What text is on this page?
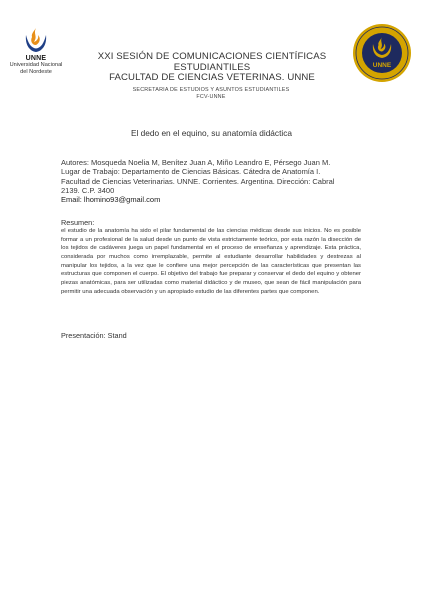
UNNE
Universidad Nacional
del Nordeste
XXI SESIÓN DE COMUNICACIONES CIENTÍFICAS
ESTUDIANTILES
FACULTAD DE CIENCIAS VETERINAS. UNNE
SECRETARIA DE ESTUDIOS Y ASUNTOS ESTUDIANTILES
FCV-UNNE
UNNE
El dedo en el equino, su anatomía didáctica

Autores: Mosqueda Noelia M, Benítez Juan A, Miño Leandro E, Pérsego Juan M.

Lugar de Trabajo: Departamento de Ciencias Básicas. Cátedra de Anatomía I.

Facultad de Ciencias Veterinarias. UNNE. Corrientes. Argentina. Dirección: Cabral

2139. C.P. 3400

Email: lhomino93@gmail.com

Resumen:
el estudio de la anatomía ha sido el pilar fundamental de las ciencias médicas desde sus inicios. No es posible formar a un profesional de la salud desde un punto de vista estrictamente teórico, por esta razón la disección de los tejidos de cadáveres juega un papel fundamental en el proceso de enseñanza y aprendizaje. Esta práctica, considerada por muchos como irremplazable, permite al estudiante desarrollar habilidades y destrezas al manipular los tejidos, a la vez que le confiere una mejor percepción de las características que presentan las estructuras que componen el cuerpo. El objetivo del trabajo fue preparar y conservar el dedo del equino y obtener piezas anatómicas, para ser utilizadas como material didáctico y de museo, que sean de fácil manipulación para permitir una adecuada observación y un apropiado estudio de las diferentes partes que componen.
Presentación: Stand
